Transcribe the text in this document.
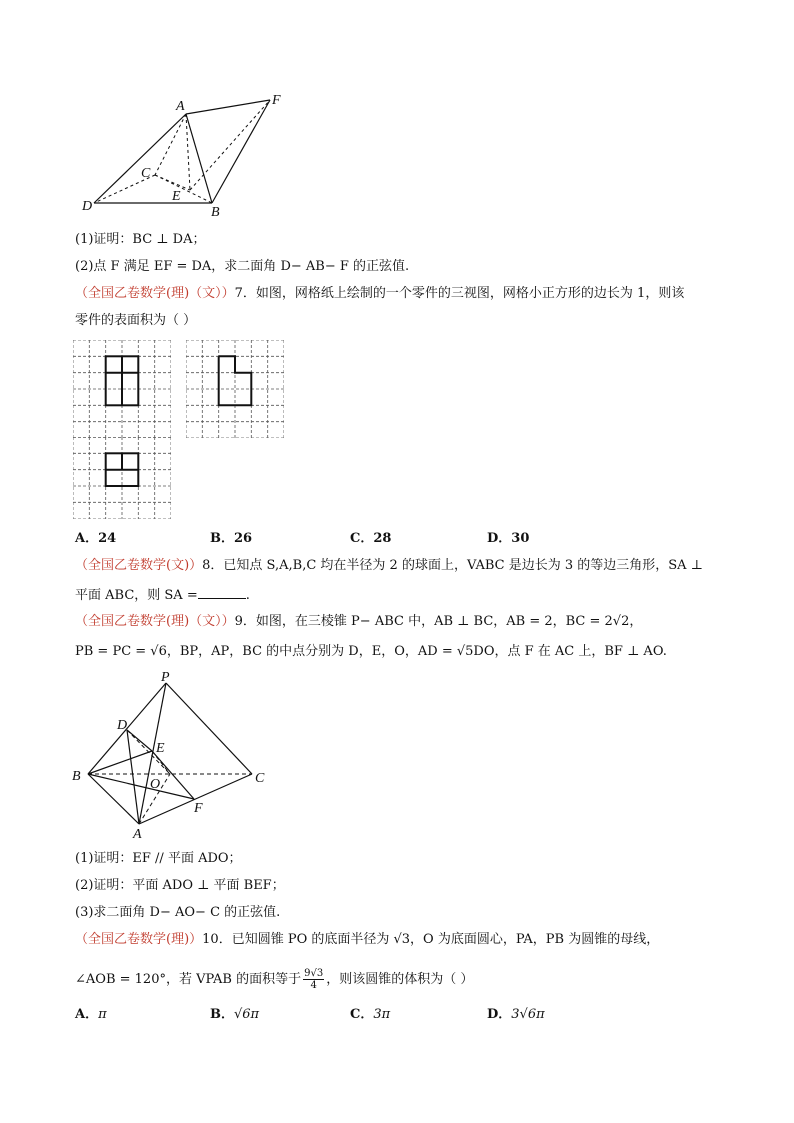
A	F
C
E
D	B
(1)证明：BC ⊥ DA；
(2)点 F 满足 EF = DA，求二面角 D− AB− F 的正弦值.
（全国乙卷数学(理)（文））7．如图，网格纸上绘制的一个零件的三视图，网格小正方形的边长为 1，则该
零件的表面积为（ ）
A．24	B．26	C．28	D．30
（全国乙卷数学(文)）8．已知点 S,A,B,C 均在半径为 2 的球面上，VABC 是边长为 3 的等边三角形，SA ⊥
平面 ABC，则 SA =	.
（全国乙卷数学(理)（文））9．如图，在三棱锥 P− ABC 中，AB ⊥ BC，AB = 2，BC = 2√2，
PB = PC = √6，BP，AP，BC 的中点分别为 D，E，O，AD = √5DO，点 F 在 AC 上，BF ⊥ AO.
P
D
E
B
O	C
F
A
(1)证明：EF // 平面 ADO；
(2)证明：平面 ADO ⊥ 平面 BEF；
(3)求二面角 D− AO− C 的正弦值.
（全国乙卷数学(理)）10．已知圆锥 PO 的底面半径为 √3，O 为底面圆心，PA，PB 为圆锥的母线，
∠AOB = 120°，若 VPAB 的面积等于 $\frac{9√3}{4}$ ，则该圆锥的体积为（ ）
A．π	B．√6π	C．3π	D．3√6π
